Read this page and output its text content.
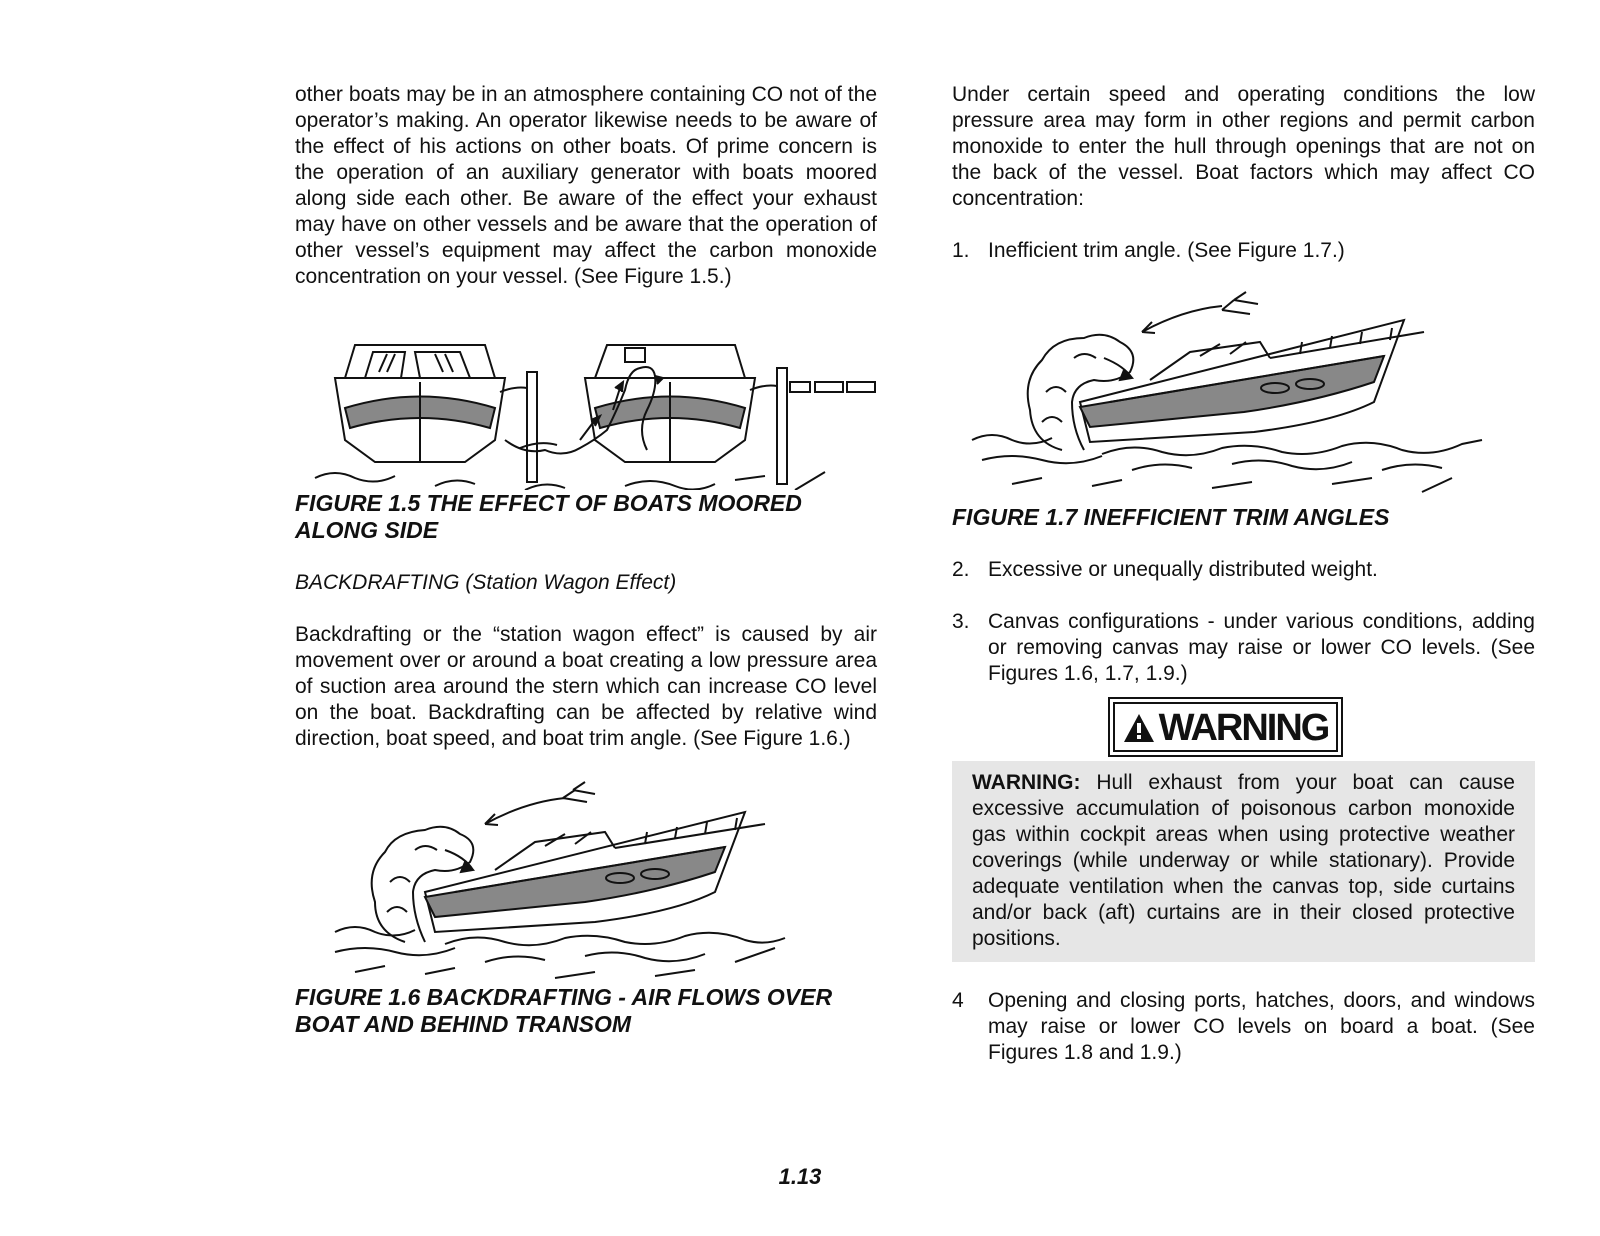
other boats may be in an atmosphere containing CO not of the operator’s making. An operator likewise needs to be aware of the effect of his actions on other boats. Of prime concern is the operation of an auxiliary generator with boats moored along side each other. Be aware of the effect your exhaust may have on other vessels and be aware that the operation of other vessel’s equipment may affect the carbon monoxide concentration on your vessel. (See Figure 1.5.)

FIGURE 1.5 THE EFFECT OF BOATS MOORED

ALONG SIDE

BACKDRAFTING (Station Wagon Effect)

Backdrafting or the “station wagon effect” is caused by air movement over or around a boat creating a low pressure area of suction area around the stern which can increase CO level on the boat. Backdrafting can be affected by relative wind direction, boat speed, and boat trim angle. (See Figure 1.6.)

FIGURE 1.6 BACKDRAFTING - AIR FLOWS OVER

BOAT AND BEHIND TRANSOM

Under certain speed and operating conditions the low pressure area may form in other regions and permit carbon monoxide to enter the hull through openings that are not on the back of the vessel. Boat factors which may affect CO concentration:

1. Inefficient trim angle. (See Figure 1.7.)

FIGURE 1.7 INEFFICIENT TRIM ANGLES

2. Excessive or unequally distributed weight.
3. Canvas configurations - under various conditions, adding or removing canvas may raise or lower CO levels. (See Figures 1.6, 1.7, 1.9.)
WARNING

WARNING: Hull exhaust from your boat can cause excessive accumulation of poisonous carbon monoxide gas within cockpit areas when using protective weather coverings (while underway or while stationary). Provide adequate ventilation when the canvas top, side curtains and/or back (aft) curtains are in their closed protective positions.

4 Opening and closing ports, hatches, doors, and windows may raise or lower CO levels on board a boat. (See Figures 1.8 and 1.9.)
1.13
